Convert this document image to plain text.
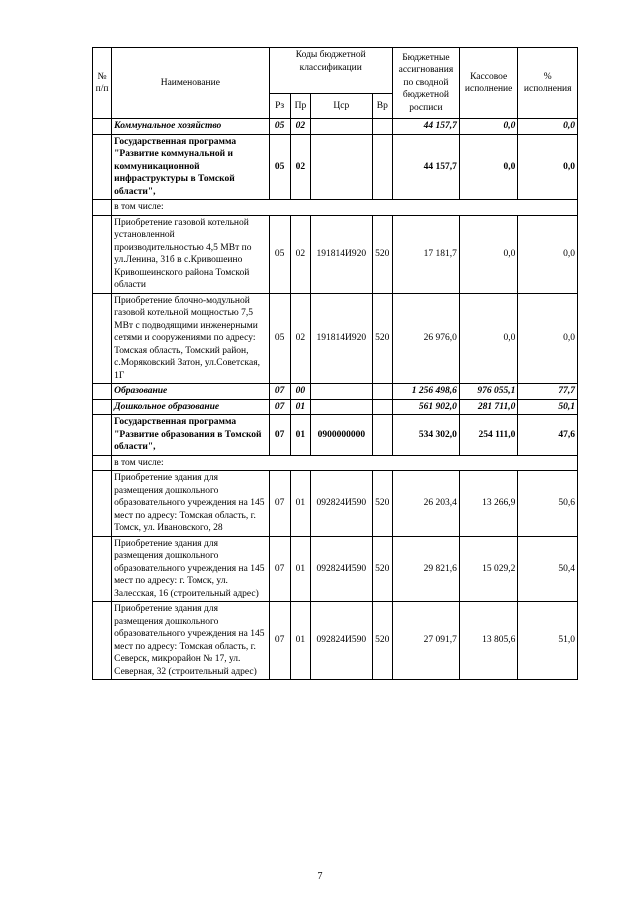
№ п/п	Наименование	Коды бюджетной классификации				Бюджетные ассигнования по сводной бюджетной росписи	Кассовое исполнение	% исполнения
		Рз	Пр	Цср	Вр			
	Коммунальное хозяйство	05	02			44 157,7	0,0	0,0
	Государственная программа "Развитие коммунальной и коммуникационной инфраструктуры в Томской области",	05	02			44 157,7	0,0	0,0
	в том числе:							
	Приобретение газовой котельной установленной производительностью 4,5 МВт по ул.Ленина, 31б в с.Кривошеино Кривошеинского района Томской области	05	02	191814И920	520	17 181,7	0,0	0,0
	Приобретение блочно-модульной газовой котельной мощностью 7,5 МВт с подводящими инженерными сетями и сооружениями по адресу: Томская область, Томский район, с.Моряковский Затон, ул.Советская, 1Г	05	02	191814И920	520	26 976,0	0,0	0,0
	Образование	07	00			1 256 498,6	976 055,1	77,7
	Дошкольное образование	07	01			561 902,0	281 711,0	50,1
	Государственная программа "Развитие образования в Томской области",	07	01	0900000000		534 302,0	254 111,0	47,6
	в том числе:							
	Приобретение здания для размещения дошкольного образовательного учреждения на 145 мест по адресу: Томская область, г. Томск, ул. Ивановского, 28	07	01	092824И590	520	26 203,4	13 266,9	50,6
	Приобретение здания для размещения дошкольного образовательного учреждения на 145 мест по адресу: г. Томск, ул. Залесская, 16 (строительный адрес)	07	01	092824И590	520	29 821,6	15 029,2	50,4
	Приобретение здания для размещения дошкольного образовательного учреждения на 145 мест по адресу: Томская область, г. Северск, микрорайон № 17, ул. Северная, 32 (строительный адрес)	07	01	092824И590	520	27 091,7	13 805,6	51,0
7
